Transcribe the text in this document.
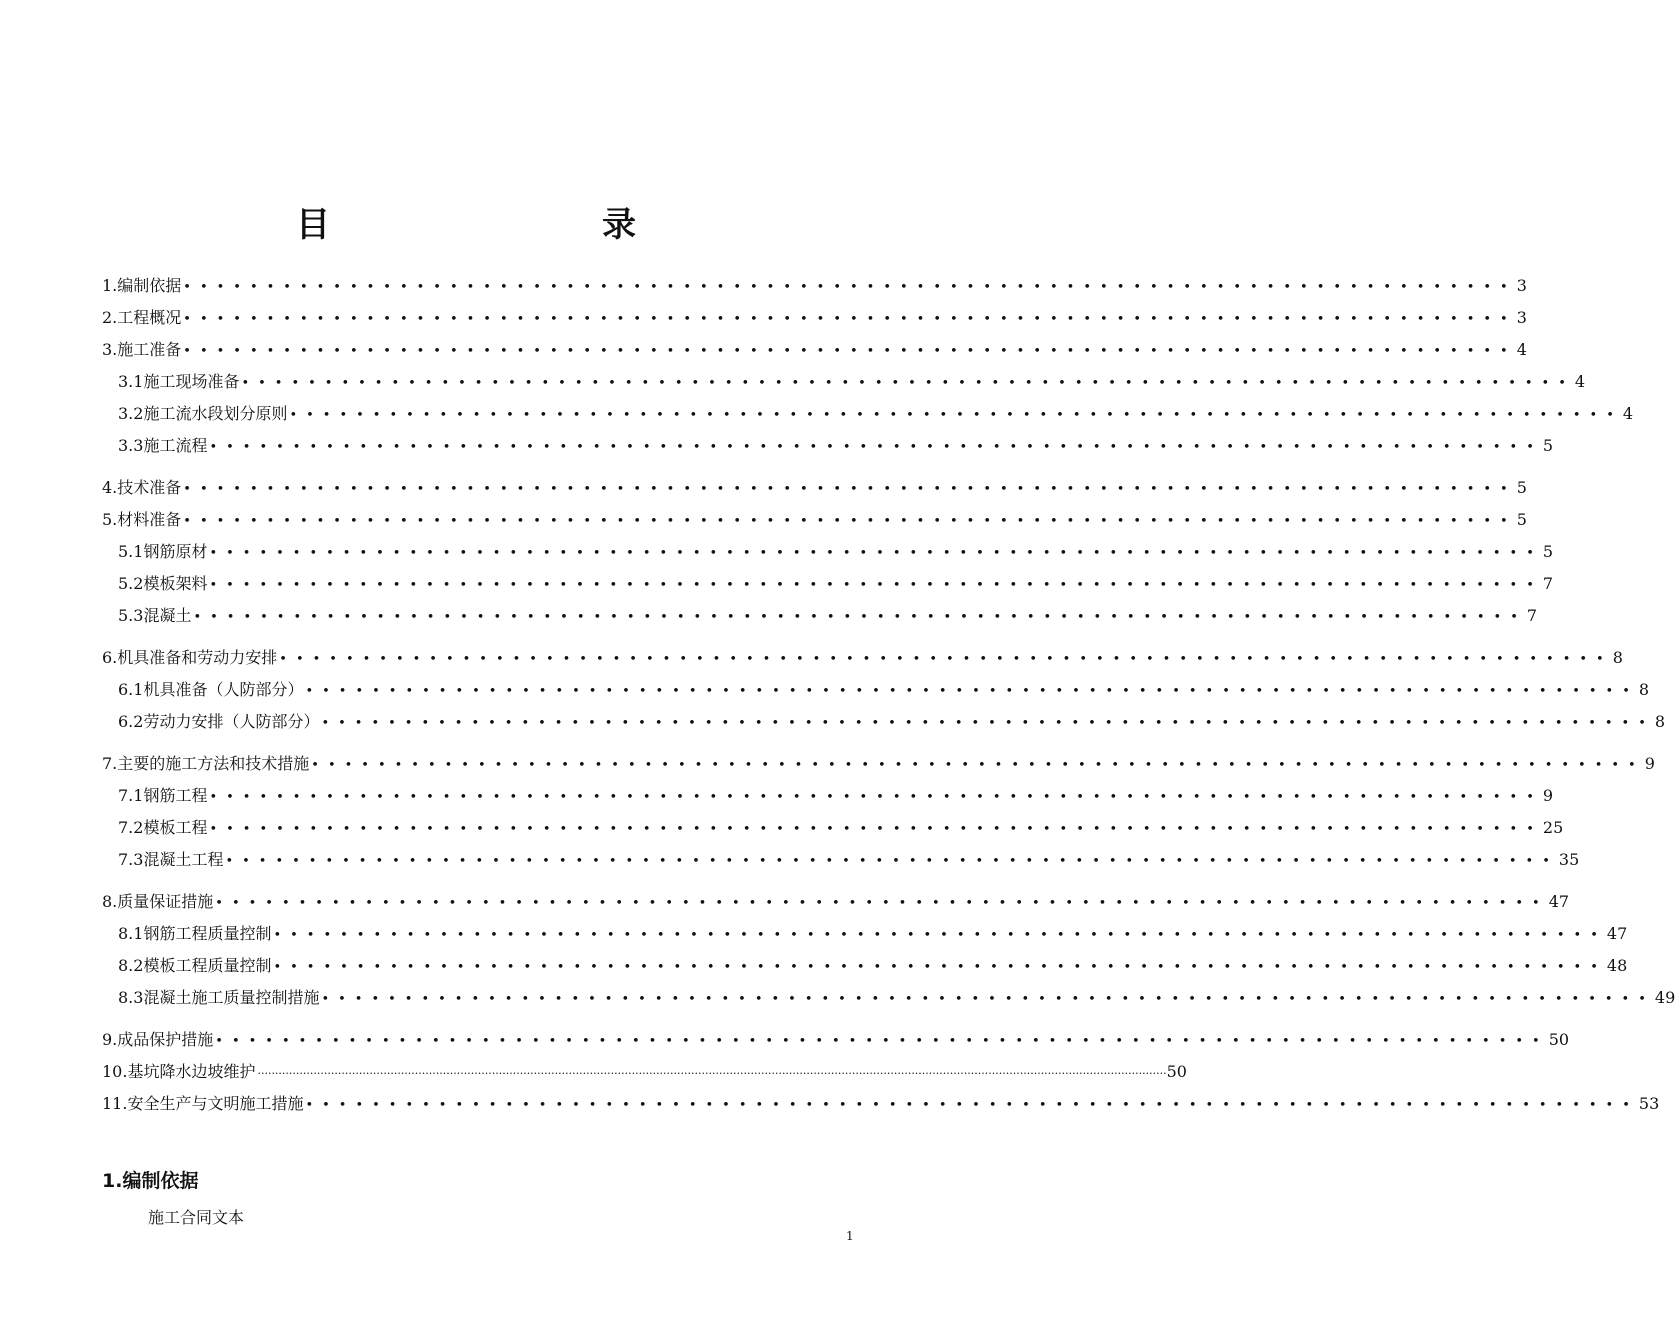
目　　录
1.编制依据 •••••••••••••••••••••••••••••••••••••••••••••••••••••••••••••••••••••••••••••••• 3
2.工程概况 •••••••••••••••••••••••••••••••••••••••••••••••••••••••••••••••••••••••••••••••• 3
3.施工准备 •••••••••••••••••••••••••••••••••••••••••••••••••••••••••••••••••••••••••••••••• 4
3.1施工现场准备 •••••••••••••••••••••••••••••••••••••••••••••••••••••••••••••••••••••••••••••••• 4
3.2施工流水段划分原则 •••••••••••••••••••••••••••••••••••••••••••••••••••••••••••••••••••••••••••••••• 4
3.3施工流程 •••••••••••••••••••••••••••••••••••••••••••••••••••••••••••••••••••••••••••••••• 5
4.技术准备 •••••••••••••••••••••••••••••••••••••••••••••••••••••••••••••••••••••••••••••••• 5
5.材料准备 •••••••••••••••••••••••••••••••••••••••••••••••••••••••••••••••••••••••••••••••• 5
5.1钢筋原材 •••••••••••••••••••••••••••••••••••••••••••••••••••••••••••••••••••••••••••••••• 5
5.2模板架料 •••••••••••••••••••••••••••••••••••••••••••••••••••••••••••••••••••••••••••••••• 7
5.3混凝土 •••••••••••••••••••••••••••••••••••••••••••••••••••••••••••••••••••••••••••••••• 7
6.机具准备和劳动力安排 •••••••••••••••••••••••••••••••••••••••••••••••••••••••••••••••••••••••••••••••• 8
6.1机具准备（人防部分） •••••••••••••••••••••••••••••••••••••••••••••••••••••••••••••••••••••••••••••••• 8
6.2劳动力安排（人防部分） •••••••••••••••••••••••••••••••••••••••••••••••••••••••••••••••••••••••••••••••• 8
7.主要的施工方法和技术措施 •••••••••••••••••••••••••••••••••••••••••••••••••••••••••••••••••••••••••••••••• 9
7.1钢筋工程 •••••••••••••••••••••••••••••••••••••••••••••••••••••••••••••••••••••••••••••••• 9
7.2模板工程 •••••••••••••••••••••••••••••••••••••••••••••••••••••••••••••••••••••••••••••••• 25
7.3混凝土工程 •••••••••••••••••••••••••••••••••••••••••••••••••••••••••••••••••••••••••••••••• 35
8.质量保证措施 •••••••••••••••••••••••••••••••••••••••••••••••••••••••••••••••••••••••••••••••• 47
8.1钢筋工程质量控制 •••••••••••••••••••••••••••••••••••••••••••••••••••••••••••••••••••••••••••••••• 47
8.2模板工程质量控制 •••••••••••••••••••••••••••••••••••••••••••••••••••••••••••••••••••••••••••••••• 48
8.3混凝土施工质量控制措施 •••••••••••••••••••••••••••••••••••••••••••••••••••••••••••••••••••••••••••••••• 49
9.成品保护措施 •••••••••••••••••••••••••••••••••••••••••••••••••••••••••••••••••••••••••••••••• 50
10.基坑降水边坡维护 ···································································································································································································································································· 50
11.安全生产与文明施工措施 •••••••••••••••••••••••••••••••••••••••••••••••••••••••••••••••••••••••••••••••• 53
1.编制依据

施工合同文本

1
